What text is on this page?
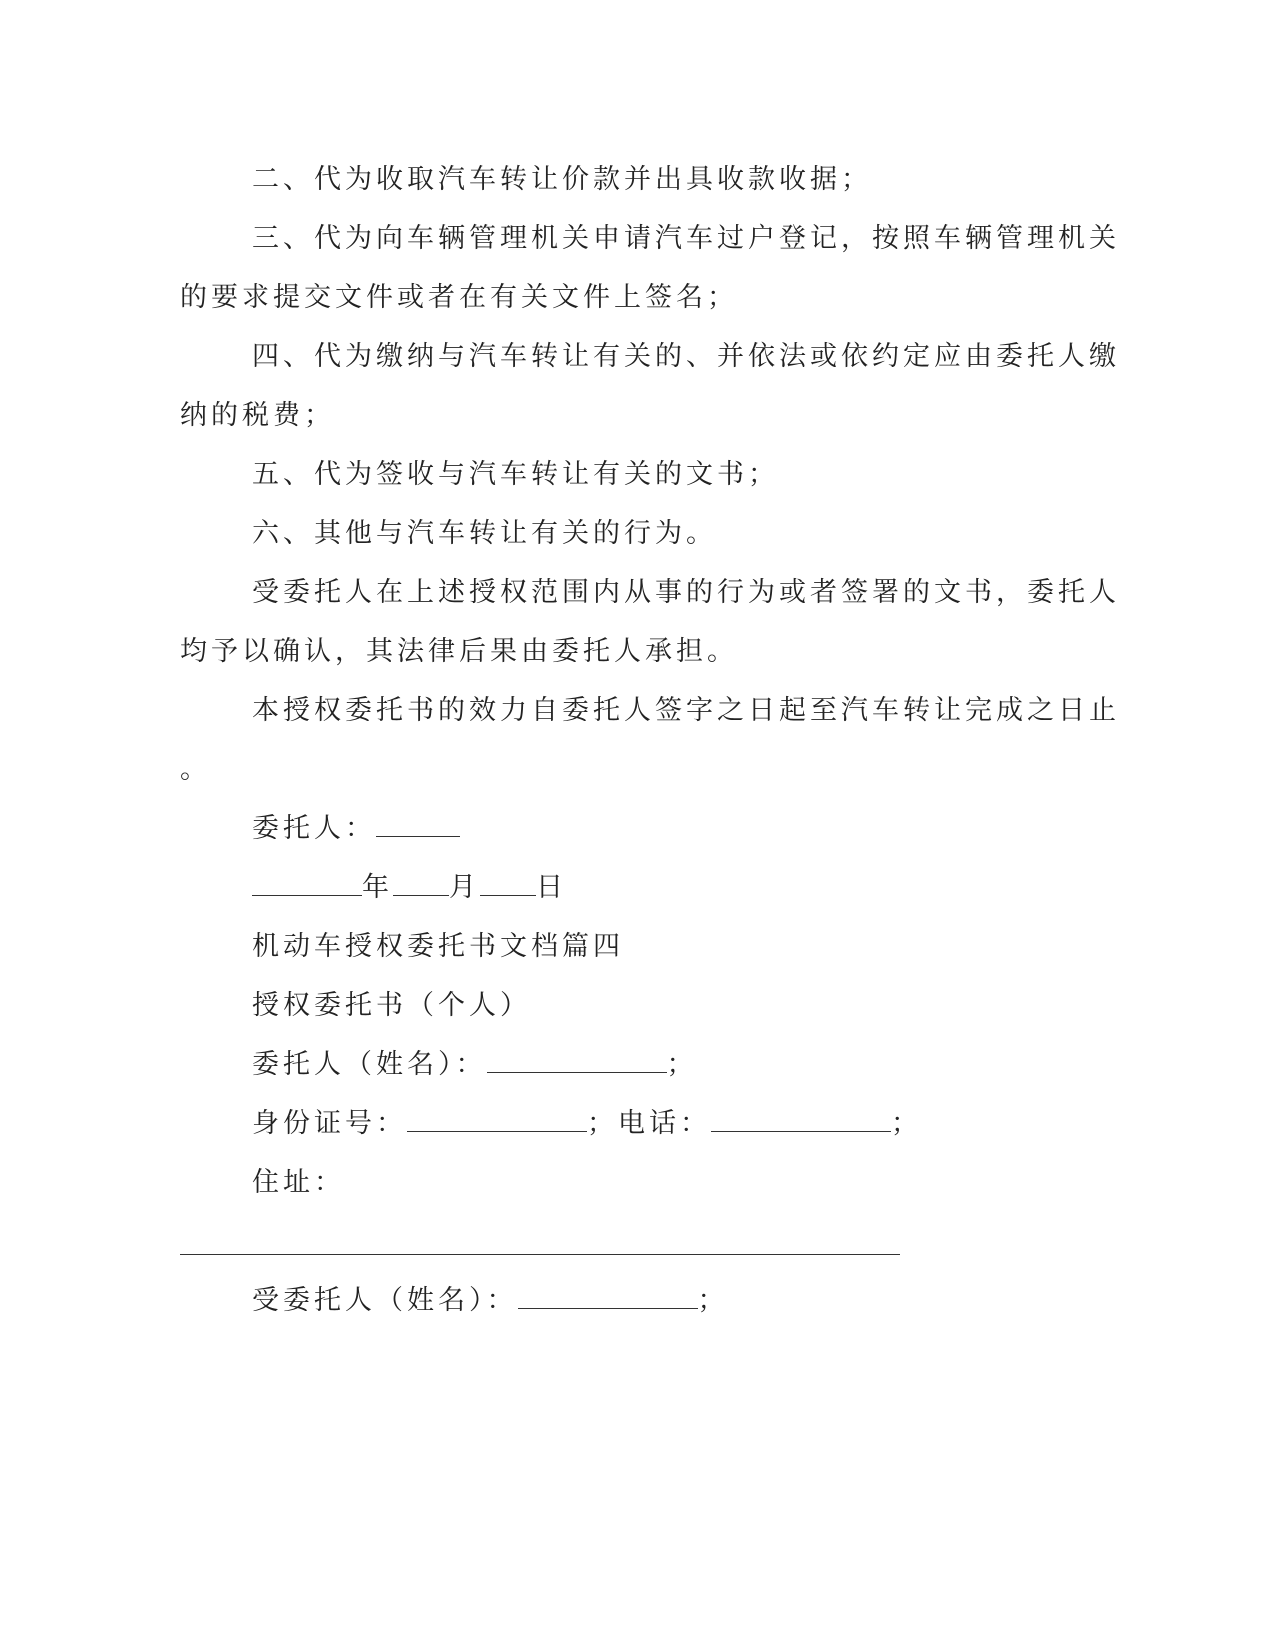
二、代为收取汽车转让价款并出具收款收据；
三、代为向车辆管理机关申请汽车过户登记，按照车辆管理机关
的要求提交文件或者在有关文件上签名；
四、代为缴纳与汽车转让有关的、并依法或依约定应由委托人缴
纳的税费；
五、代为签收与汽车转让有关的文书；
六、其他与汽车转让有关的行为。
受委托人在上述授权范围内从事的行为或者签署的文书，委托人
均予以确认，其法律后果由委托人承担。
本授权委托书的效力自委托人签字之日起至汽车转让完成之日止
。
委托人：
年 月 日
机动车授权委托书文档篇四
授权委托书（个人）
委托人（姓名）：	；
身份证号：	；电话：	；
住址：
受委托人（姓名）：	；
